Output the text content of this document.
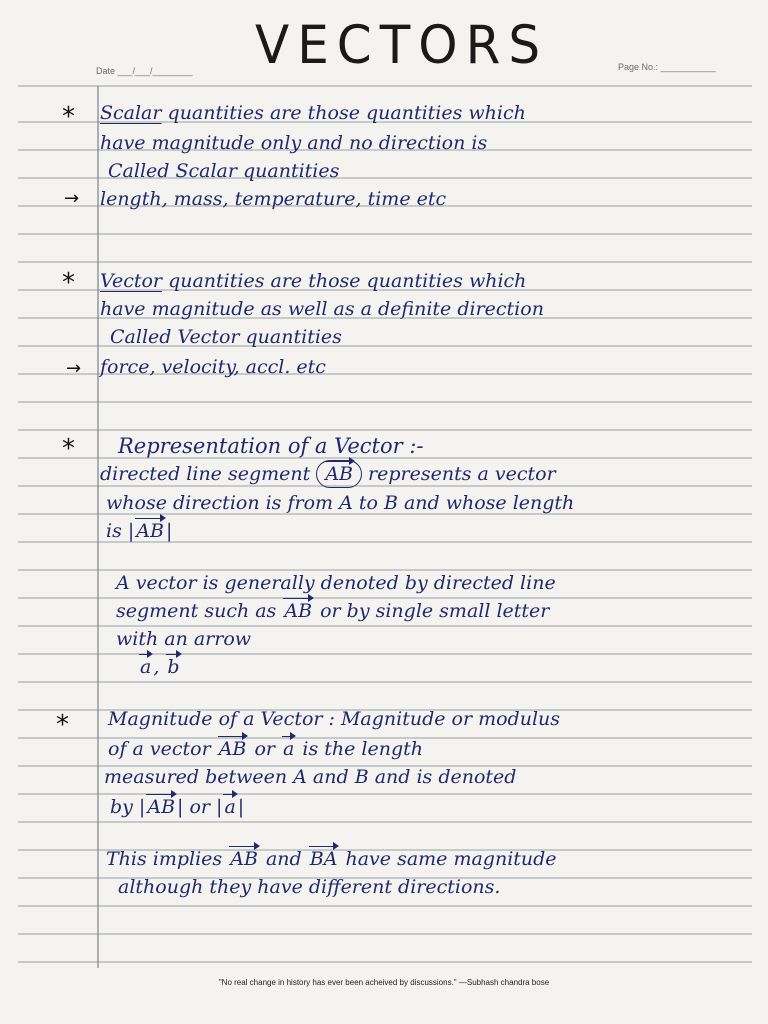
Date ___/___/________ VECTORS	Page No.: ___________
* Scalar quantities are those quantities which
have magnitude only and no direction is
Called Scalar quantities
→ length, mass, temperature, time etc
* Vector quantities are those quantities which
have magnitude as well as a definite direction
Called Vector quantities
→ force, velocity, accl. etc
* Representation of a Vector :-
directed line segment AB represents a vector
whose direction is from A to B and whose length
is | AB |
A vector is generally denoted by directed line
segment such as AB or by single small letter
with an arrow
a , b
* Magnitude of a Vector : Magnitude or modulus
of a vector AB or a is the length
measured between A and B and is denoted
by | AB | or | a |
This implies AB and BA have same magnitude
although they have different directions.
"No real change in history has ever been acheived by discussions." —Subhash chandra bose
